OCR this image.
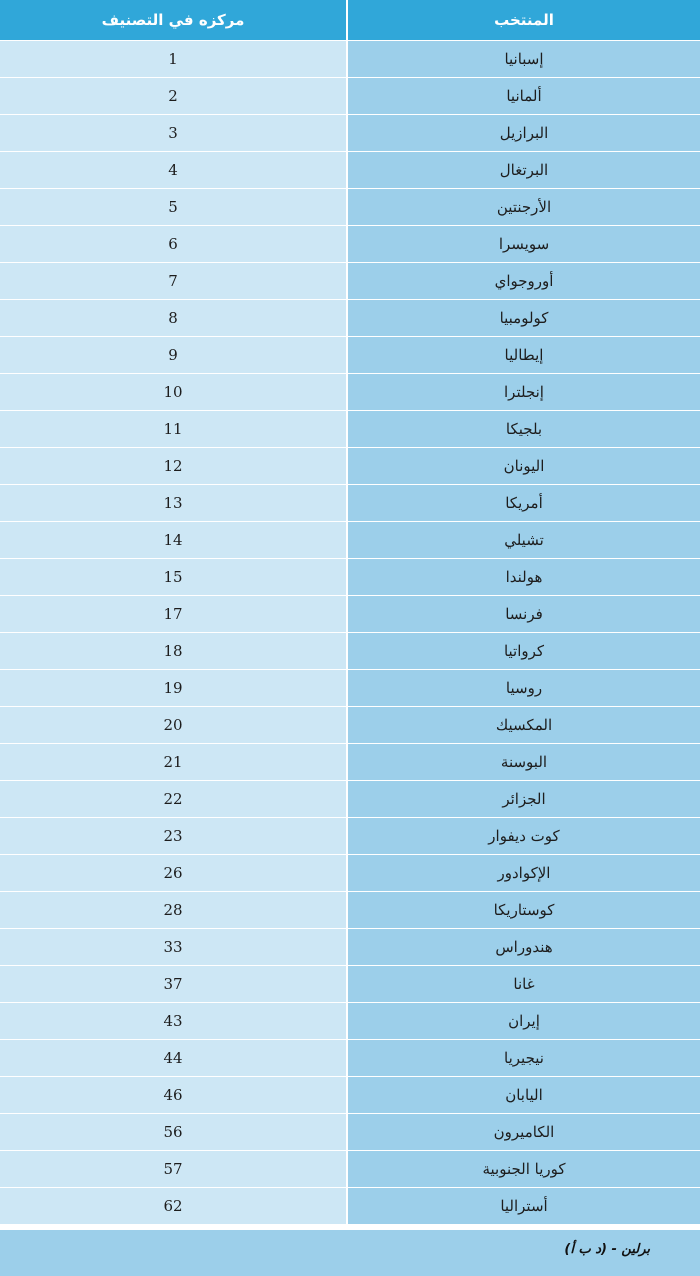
المنتخب	مركزه في التصنيف
إسبانيا	1
ألمانيا	2
البرازيل	3
البرتغال	4
الأرجنتين	5
سويسرا	6
أوروجواي	7
كولومبيا	8
إيطاليا	9
إنجلترا	10
بلجيكا	11
اليونان	12
أمريكا	13
تشيلي	14
هولندا	15
فرنسا	17
كرواتيا	18
روسيا	19
المكسيك	20
البوسنة	21
الجزائر	22
كوت ديفوار	23
الإكوادور	26
كوستاريكا	28
هندوراس	33
غانا	37
إيران	43
نيجيريا	44
اليابان	46
الكاميرون	56
كوريا الجنوبية	57
أستراليا	62
برلين - (د ب أ)
